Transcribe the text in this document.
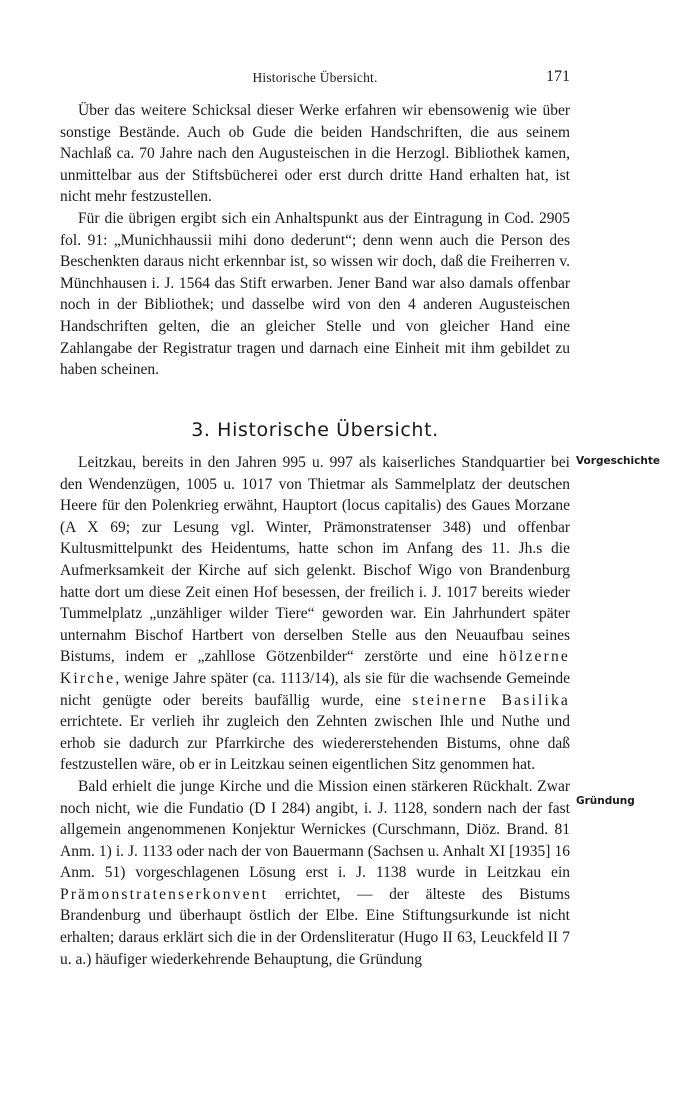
Historische Übersicht.	171

Über das weitere Schicksal dieser Werke erfahren wir ebensowenig wie über sonstige Bestände. Auch ob Gude die beiden Handschriften, die aus seinem Nachlaß ca. 70 Jahre nach den Augusteischen in die Herzogl. Bibliothek kamen, unmittelbar aus der Stiftsbücherei oder erst durch dritte Hand erhalten hat, ist nicht mehr festzustellen.

Für die übrigen ergibt sich ein Anhaltspunkt aus der Eintragung in Cod. 2905 fol. 91: „Munichhaussii mihi dono dederunt“; denn wenn auch die Person des Beschenkten daraus nicht erkennbar ist, so wissen wir doch, daß die Freiherren v. Münchhausen i. J. 1564 das Stift erwarben. Jener Band war also damals offenbar noch in der Bibliothek; und dasselbe wird von den 4 anderen Augusteischen Handschriften gelten, die an gleicher Stelle und von gleicher Hand eine Zahlangabe der Registratur tragen und darnach eine Einheit mit ihm gebildet zu haben scheinen.

3. Historische Übersicht.

Leitzkau, bereits in den Jahren 995 u. 997 als kaiserliches Standquartier bei den Wendenzügen, 1005 u. 1017 von Thietmar als Sammelplatz der deutschen Heere für den Polenkrieg erwähnt, Hauptort (locus capitalis) des Gaues Morzane (A X 69; zur Lesung vgl. Winter, Prämonstratenser 348) und offenbar Kultusmittelpunkt des Heidentums, hatte schon im Anfang des 11. Jh.s die Aufmerksamkeit der Kirche auf sich gelenkt. Bischof Wigo von Brandenburg hatte dort um diese Zeit einen Hof besessen, der freilich i. J. 1017 bereits wieder Tummelplatz „unzähliger wilder Tiere“ geworden war. Ein Jahrhundert später unternahm Bischof Hartbert von derselben Stelle aus den Neuaufbau seines Bistums, indem er „zahllose Götzenbilder“ zerstörte und eine hölzerne Kirche, wenige Jahre später (ca. 1113/14), als sie für die wachsende Gemeinde nicht genügte oder bereits baufällig wurde, eine steinerne Basilika errichtete. Er verlieh ihr zugleich den Zehnten zwischen Ihle und Nuthe und erhob sie dadurch zur Pfarrkirche des wiedererstehenden Bistums, ohne daß festzustellen wäre, ob er in Leitzkau seinen eigentlichen Sitz genommen hat.

Bald erhielt die junge Kirche und die Mission einen stärkeren Rückhalt. Zwar noch nicht, wie die Fundatio (D I 284) angibt, i. J. 1128, sondern nach der fast allgemein angenommenen Konjektur Wernickes (Curschmann, Diöz. Brand. 81 Anm. 1) i. J. 1133 oder nach der von Bauermann (Sachsen u. Anhalt XI [1935] 16 Anm. 51) vorgeschlagenen Lösung erst i. J. 1138 wurde in Leitzkau ein Prämonstratenserkonvent errichtet, — der älteste des Bistums Brandenburg und überhaupt östlich der Elbe. Eine Stiftungsurkunde ist nicht erhalten; daraus erklärt sich die in der Ordensliteratur (Hugo II 63, Leuckfeld II 7 u. a.) häufiger wiederkehrende Behauptung, die Gründung

Vorgeschichte
Gründung
